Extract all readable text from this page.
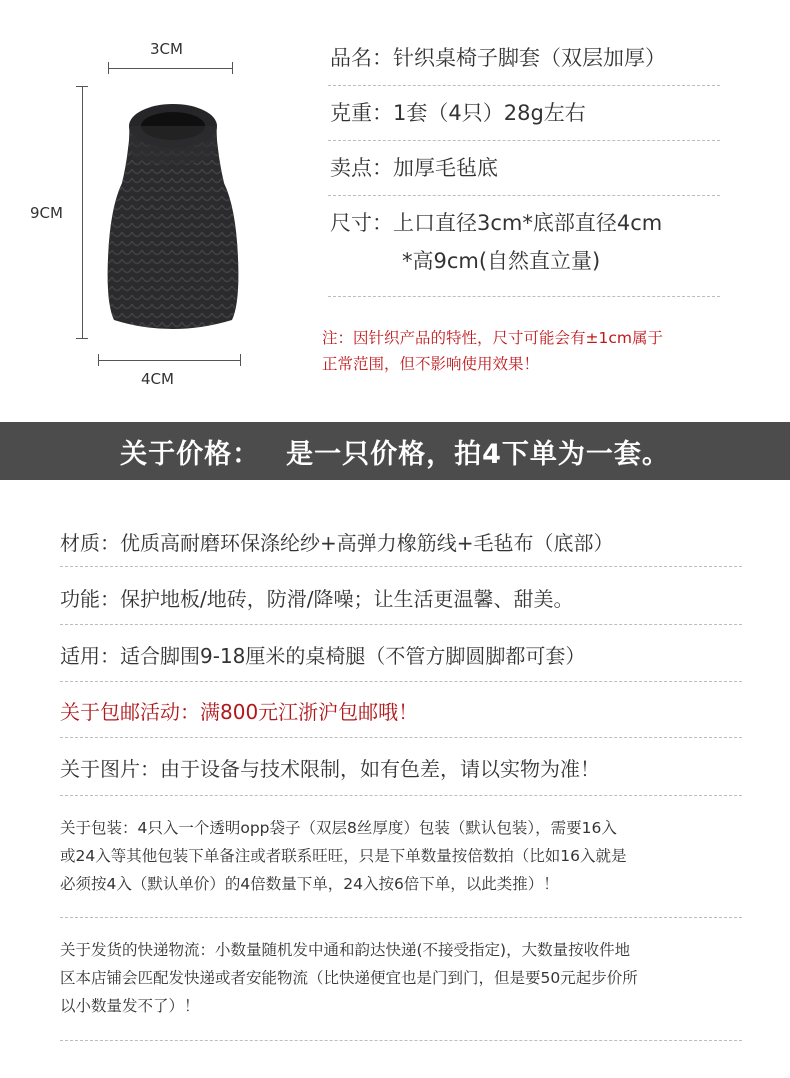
3CM
9CM
4CM
品名：针织桌椅子脚套（双层加厚）
克重：1套（4只）28g左右
卖点：加厚毛毡底
尺寸：上口直径3cm*底部直径4cm
*高9cm(自然直立量)
注：因针织产品的特性，尺寸可能会有±1cm属于
正常范围，但不影响使用效果！
关于价格： 是一只价格，拍4下单为一套。
材质：优质高耐磨环保涤纶纱+高弹力橡筋线+毛毡布（底部）
功能：保护地板/地砖，防滑/降噪；让生活更温馨、甜美。
适用：适合脚围9-18厘米的桌椅腿（不管方脚圆脚都可套）
关于包邮活动：满800元江浙沪包邮哦！
关于图片：由于设备与技术限制，如有色差，请以实物为准！
关于包装：4只入一个透明opp袋子（双层8丝厚度）包装（默认包装），需要16入
或24入等其他包装下单备注或者联系旺旺，只是下单数量按倍数拍（比如16入就是
必须按4入（默认单价）的4倍数量下单，24入按6倍下单，以此类推）！
关于发货的快递物流：小数量随机发中通和韵达快递(不接受指定)，大数量按收件地
区本店铺会匹配发快递或者安能物流（比快递便宜也是门到门，但是要50元起步价所
以小数量发不了）！
